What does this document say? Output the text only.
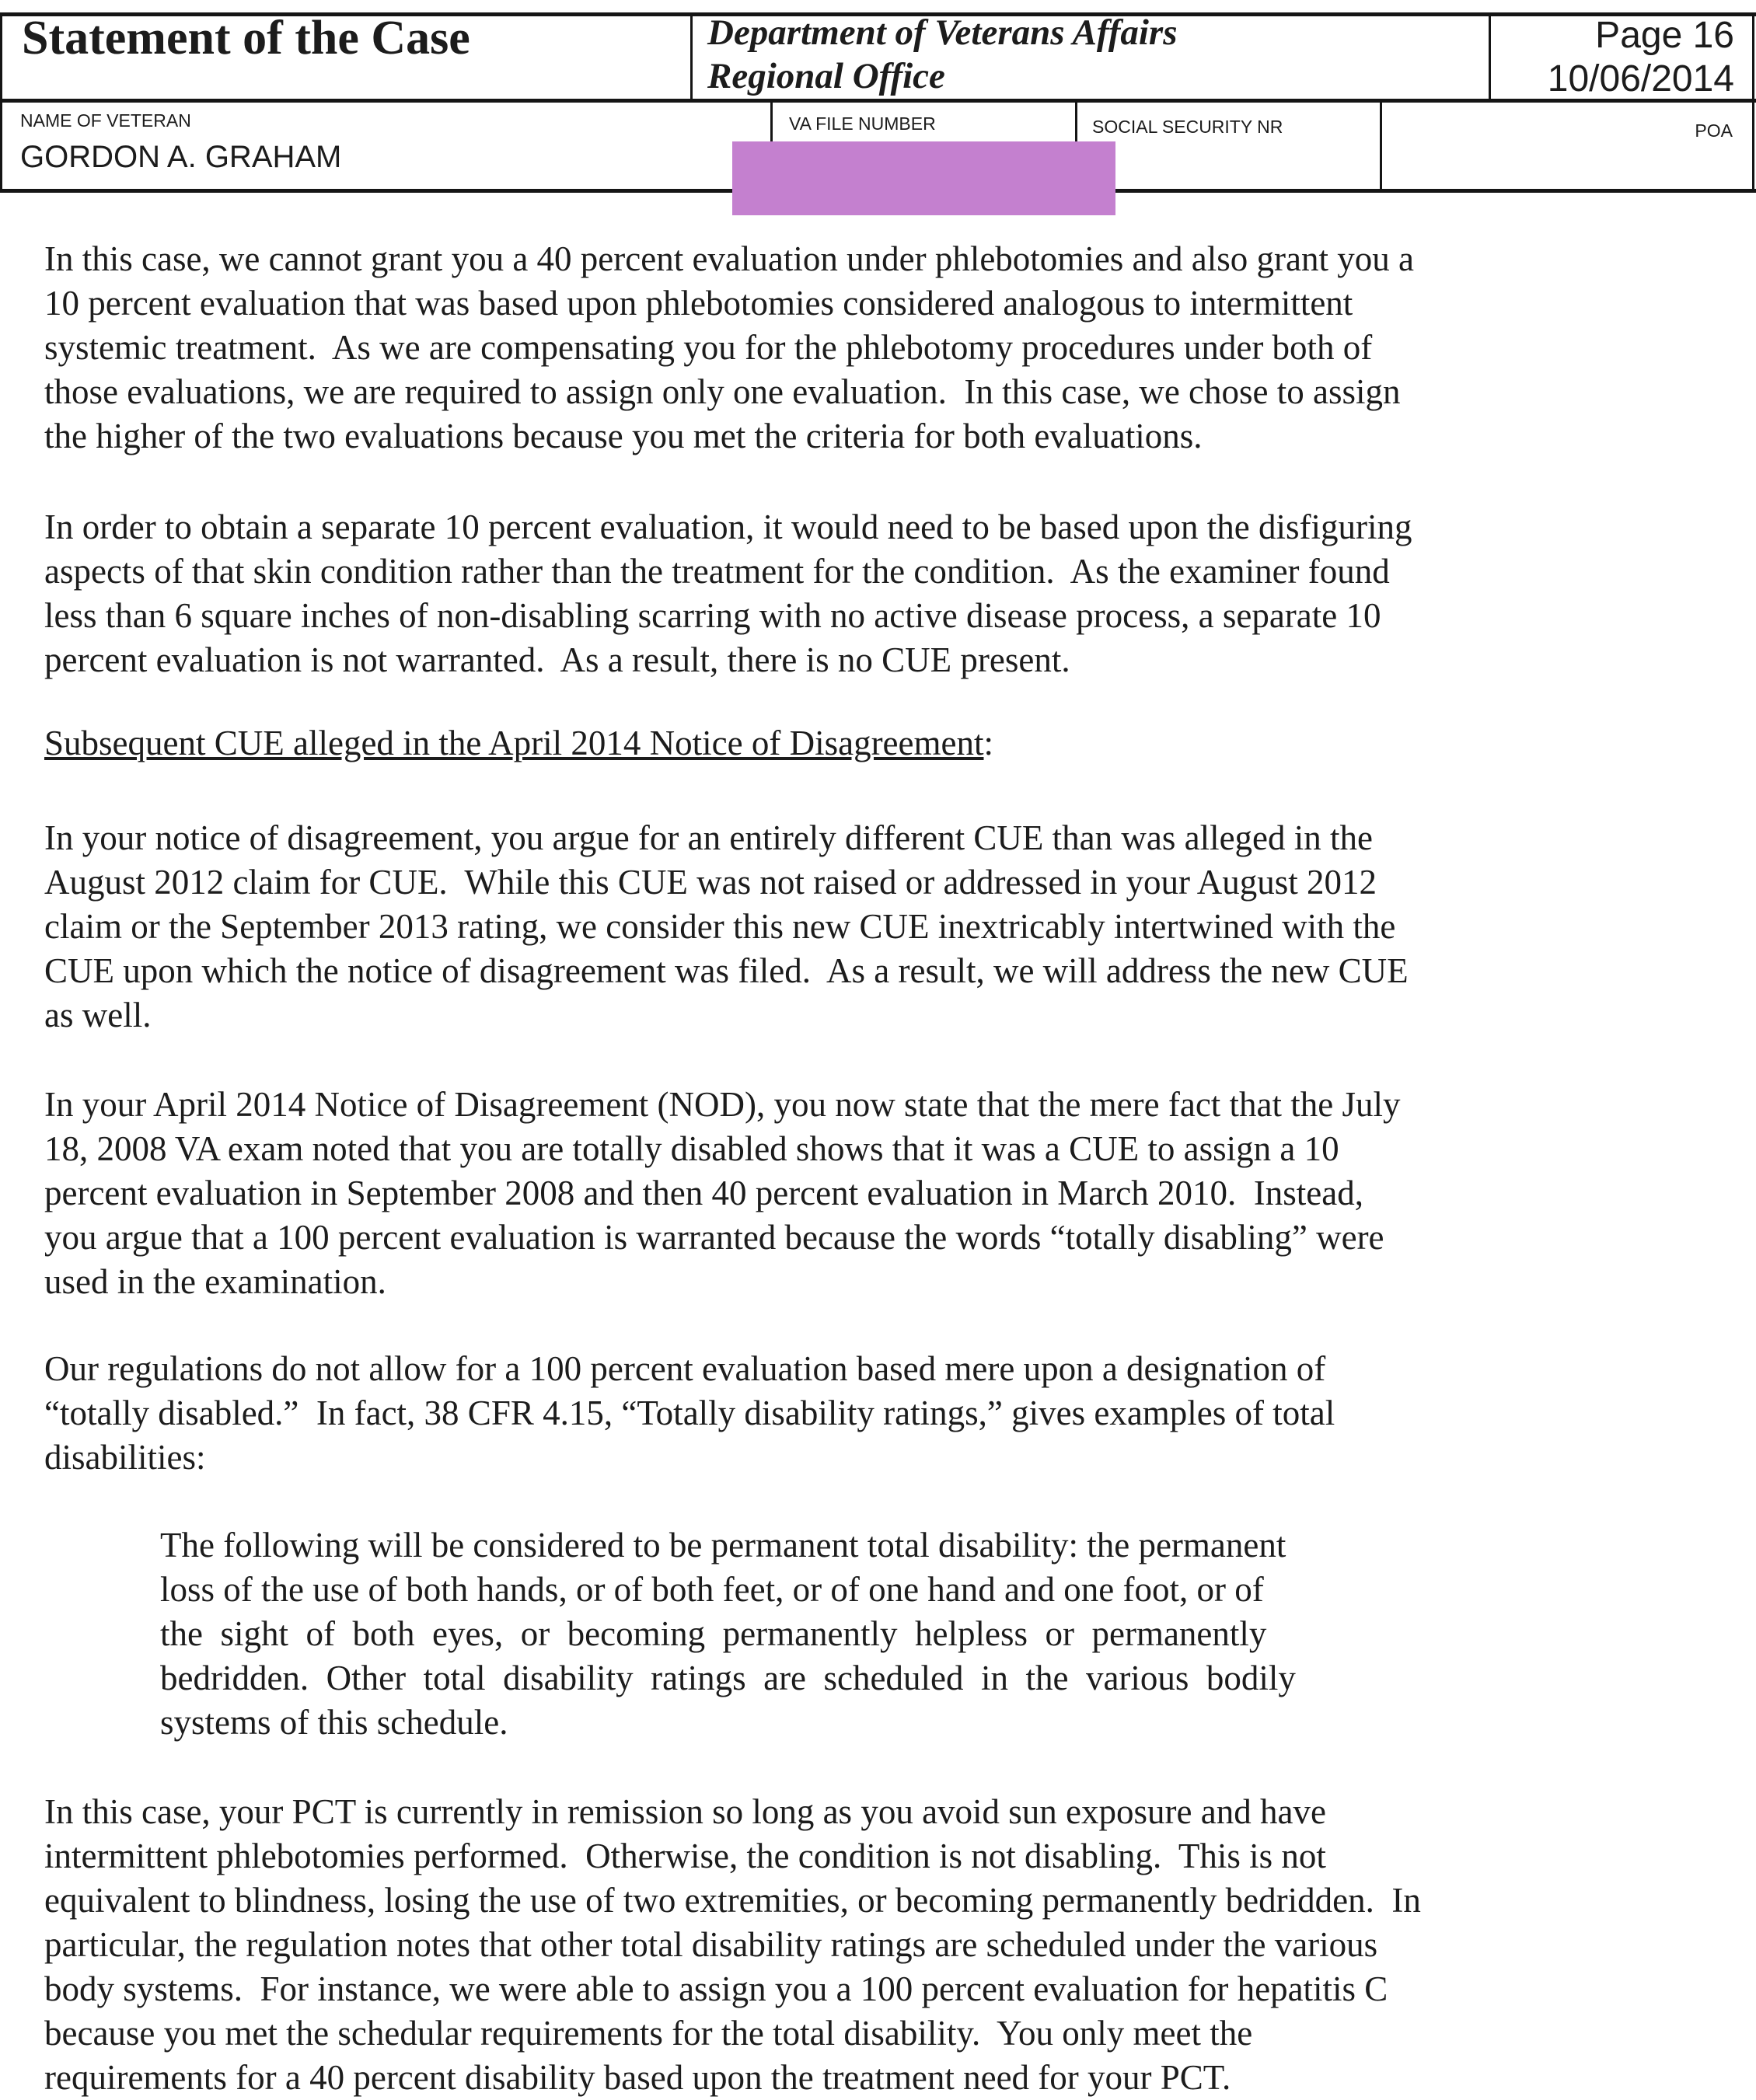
Statement of the Case	Department of Veterans Affairs
Regional Office
Page 16
10/06/2014
NAME OF VETERAN
GORDON A. GRAHAM
VA FILE NUMBER	SOCIAL SECURITY NR	POA
In this case, we cannot grant you a 40 percent evaluation under phlebotomies and also grant you a
10 percent evaluation that was based upon phlebotomies considered analogous to intermittent
systemic treatment.  As we are compensating you for the phlebotomy procedures under both of
those evaluations, we are required to assign only one evaluation.  In this case, we chose to assign
the higher of the two evaluations because you met the criteria for both evaluations.
In order to obtain a separate 10 percent evaluation, it would need to be based upon the disfiguring
aspects of that skin condition rather than the treatment for the condition.  As the examiner found
less than 6 square inches of non-disabling scarring with no active disease process, a separate 10
percent evaluation is not warranted.  As a result, there is no CUE present.
Subsequent CUE alleged in the April 2014 Notice of Disagreement:
In your notice of disagreement, you argue for an entirely different CUE than was alleged in the
August 2012 claim for CUE.  While this CUE was not raised or addressed in your August 2012
claim or the September 2013 rating, we consider this new CUE inextricably intertwined with the
CUE upon which the notice of disagreement was filed.  As a result, we will address the new CUE
as well.
In your April 2014 Notice of Disagreement (NOD), you now state that the mere fact that the July
18, 2008 VA exam noted that you are totally disabled shows that it was a CUE to assign a 10
percent evaluation in September 2008 and then 40 percent evaluation in March 2010.  Instead,
you argue that a 100 percent evaluation is warranted because the words “totally disabling” were
used in the examination.
Our regulations do not allow for a 100 percent evaluation based mere upon a designation of
“totally disabled.”  In fact, 38 CFR 4.15, “Totally disability ratings,” gives examples of total
disabilities:
The following will be considered to be permanent total disability: the permanent
loss of the use of both hands, or of both feet, or of one hand and one foot, or of
the  sight  of  both  eyes,  or  becoming  permanently  helpless  or  permanently
bedridden.  Other  total  disability  ratings  are  scheduled  in  the  various  bodily
systems of this schedule.
In this case, your PCT is currently in remission so long as you avoid sun exposure and have
intermittent phlebotomies performed.  Otherwise, the condition is not disabling.  This is not
equivalent to blindness, losing the use of two extremities, or becoming permanently bedridden.  In
particular, the regulation notes that other total disability ratings are scheduled under the various
body systems.  For instance, we were able to assign you a 100 percent evaluation for hepatitis C
because you met the schedular requirements for the total disability.  You only meet the
requirements for a 40 percent disability based upon the treatment need for your PCT.
